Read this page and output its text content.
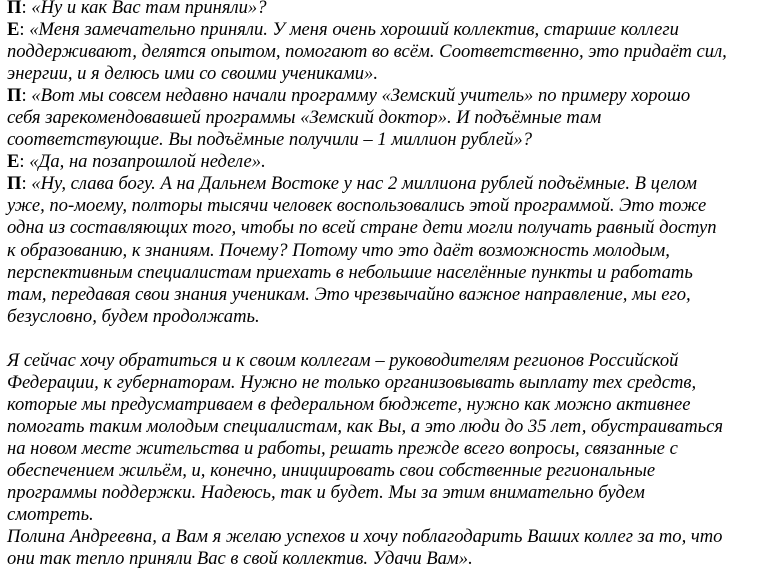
П: «Ну и как Вас там приняли»?
Е: «Меня замечательно приняли. У меня очень хороший коллектив, старшие коллеги
поддерживают, делятся опытом, помогают во всём. Соответственно, это придаёт сил,
энергии, и я делюсь ими со своими учениками».
П: «Вот мы совсем недавно начали программу «Земский учитель» по примеру хорошо
себя зарекомендовавшей программы «Земский доктор». И подъёмные там
соответствующие. Вы подъёмные получили – 1 миллион рублей»?
Е: «Да, на позапрошлой неделе».
П: «Ну, слава богу. А на Дальнем Востоке у нас 2 миллиона рублей подъёмные. В целом
уже, по-моему, полторы тысячи человек воспользовались этой программой. Это тоже
одна из составляющих того, чтобы по всей стране дети могли получать равный доступ
к образованию, к знаниям. Почему? Потому что это даёт возможность молодым,
перспективным специалистам приехать в небольшие населённые пункты и работать
там, передавая свои знания ученикам. Это чрезвычайно важное направление, мы его,
безусловно, будем продолжать.
Я сейчас хочу обратиться и к своим коллегам – руководителям регионов Российской
Федерации, к губернаторам. Нужно не только организовывать выплату тех средств,
которые мы предусматриваем в федеральном бюджете, нужно как можно активнее
помогать таким молодым специалистам, как Вы, а это люди до 35 лет, обустраиваться
на новом месте жительства и работы, решать прежде всего вопросы, связанные с
обеспечением жильём, и, конечно, инициировать свои собственные региональные
программы поддержки. Надеюсь, так и будет. Мы за этим внимательно будем
смотреть.
Полина Андреевна, а Вам я желаю успехов и хочу поблагодарить Ваших коллег за то, что
они так тепло приняли Вас в свой коллектив. Удачи Вам».
